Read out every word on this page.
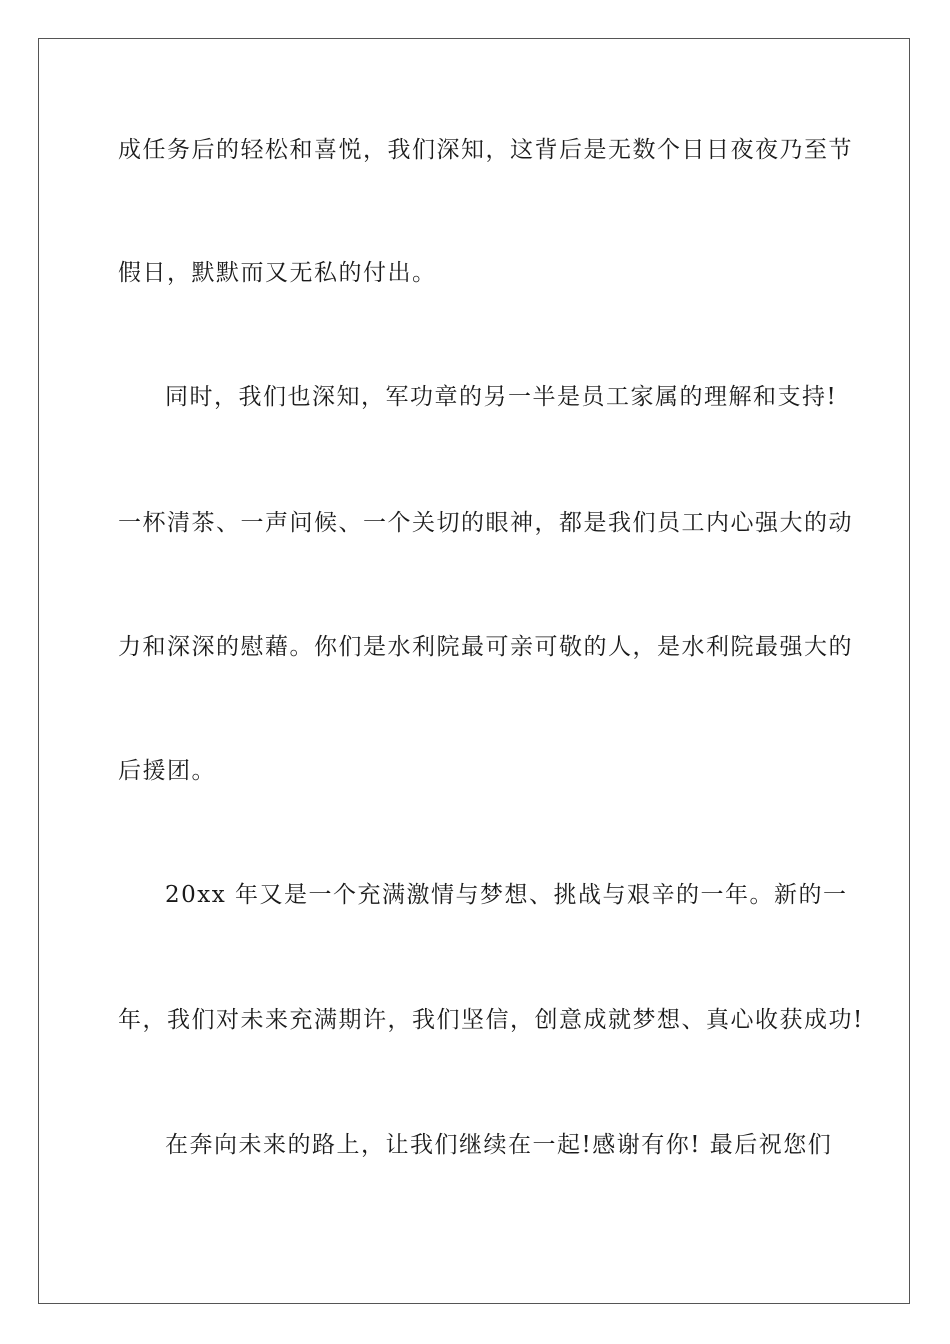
成任务后的轻松和喜悦，我们深知，这背后是无数个日日夜夜乃至节
假日，默默而又无私的付出。
同时，我们也深知，军功章的另一半是员工家属的理解和支持!
一杯清茶、一声问候、一个关切的眼神，都是我们员工内心强大的动
力和深深的慰藉。你们是水利院最可亲可敬的人，是水利院最强大的
后援团。
20xx 年又是一个充满激情与梦想、挑战与艰辛的一年。新的一
年，我们对未来充满期许，我们坚信，创意成就梦想、真心收获成功!
在奔向未来的路上，让我们继续在一起!感谢有你! 最后祝您们
